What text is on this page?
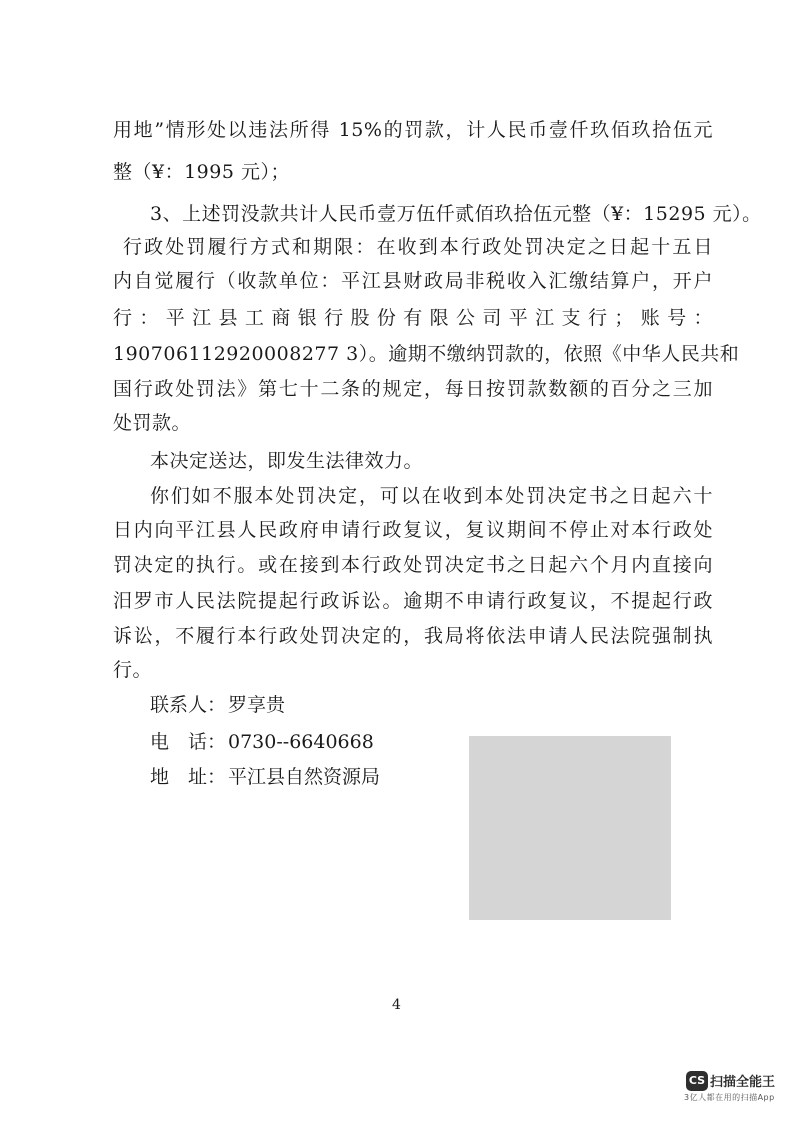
用地”情形处以违法所得 15%的罚款，计人民币壹仟玖佰玖拾伍元
整（¥：1995 元）；
3、上述罚没款共计人民币壹万伍仟贰佰玖拾伍元整（¥：15295 元）。
行政处罚履行方式和期限：在收到本行政处罚决定之日起十五日
内自觉履行（收款单位：平江县财政局非税收入汇缴结算户，开户
行：平江县工商银行股份有限公司平江支行；账号：
190706112920008277 3）。逾期不缴纳罚款的，依照《中华人民共和
国行政处罚法》第七十二条的规定，每日按罚款数额的百分之三加
处罚款。
本决定送达，即发生法律效力。
你们如不服本处罚决定，可以在收到本处罚决定书之日起六十
日内向平江县人民政府申请行政复议，复议期间不停止对本行政处
罚决定的执行。或在接到本行政处罚决定书之日起六个月内直接向
汨罗市人民法院提起行政诉讼。逾期不申请行政复议，不提起行政
诉讼，不履行本行政处罚决定的，我局将依法申请人民法院强制执
行。
联系人： 罗享贵
电　话： 0730--6640668
地　址： 平江县自然资源局
4
CS 扫描全能王
3亿人都在用的扫描App
